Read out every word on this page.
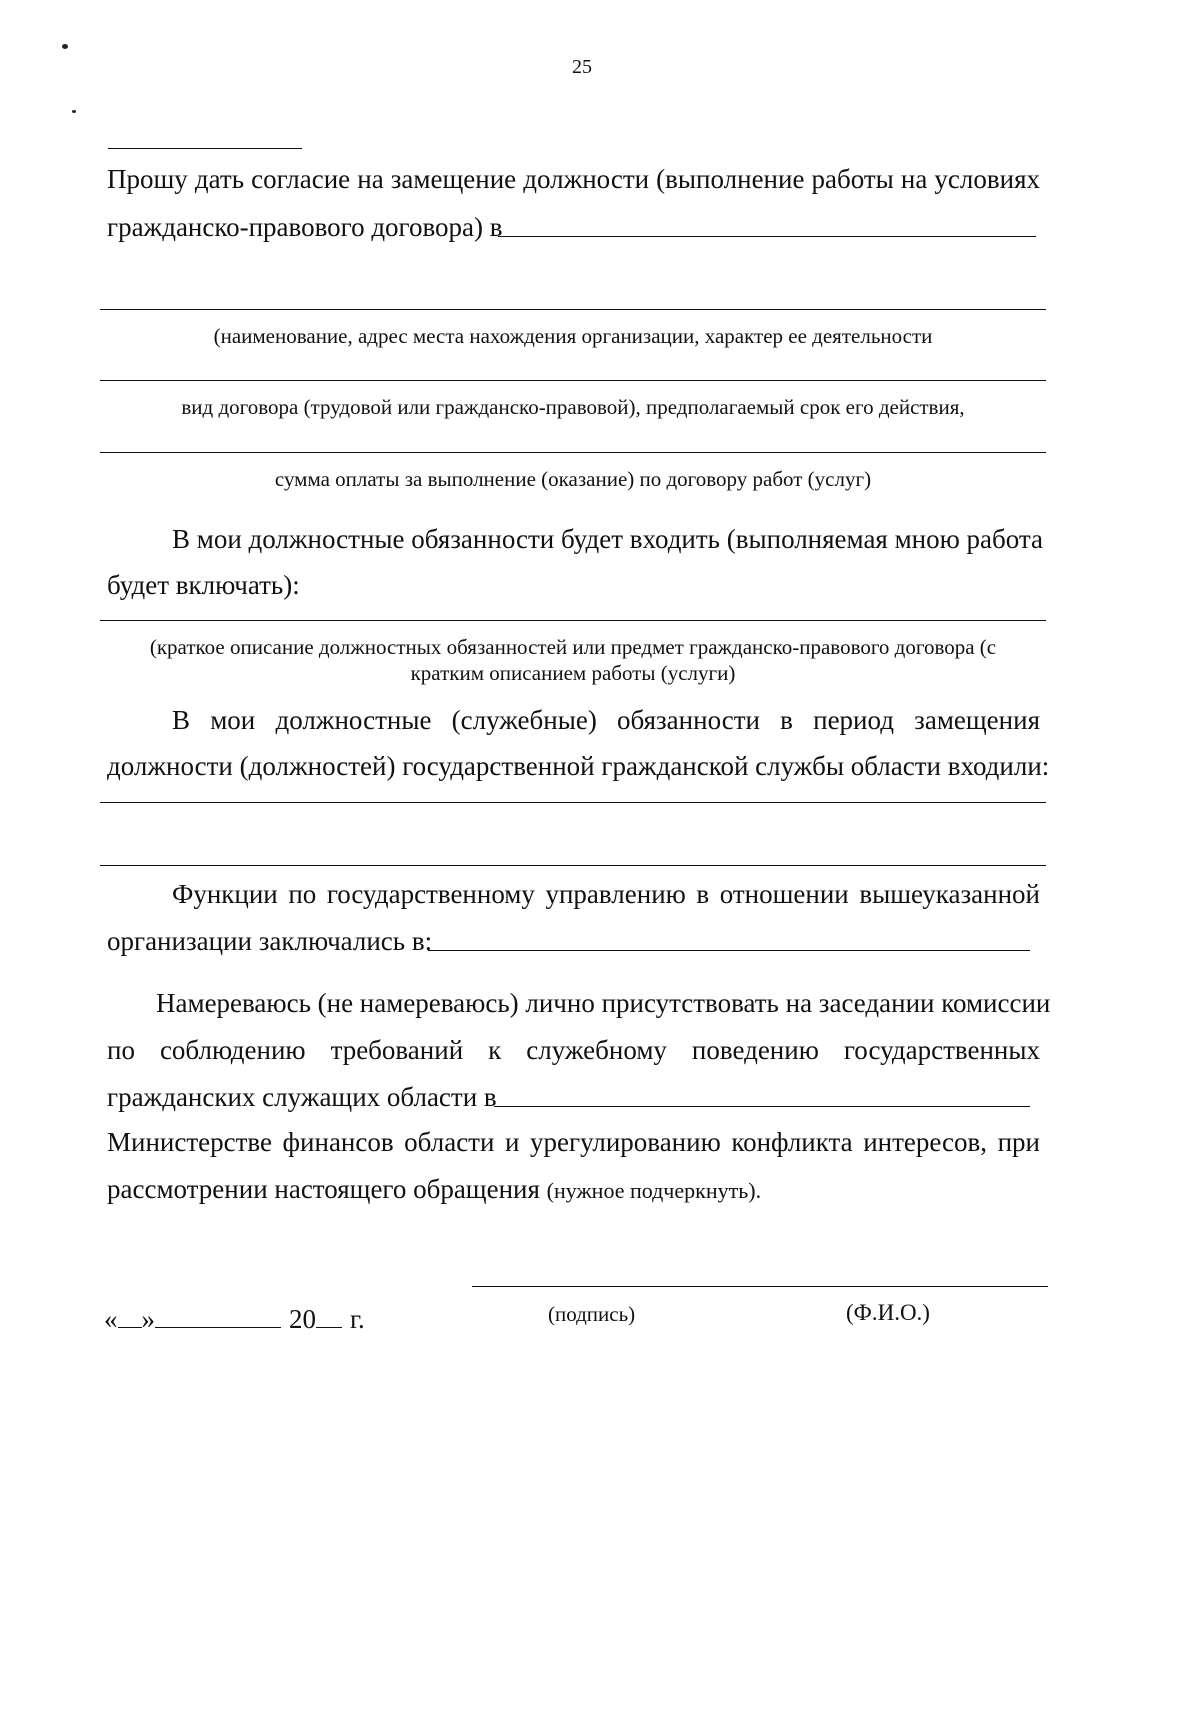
25
Прошу дать согласие на замещение должности (выполнение работы на условиях
гражданско-правового договора) в
(наименование, адрес места нахождения организации, характер ее деятельности
вид договора (трудовой или гражданско-правовой), предполагаемый срок его действия,
сумма оплаты за выполнение (оказание) по договору работ (услуг)
В мои должностные обязанности будет входить (выполняемая мною работа
будет включать):
(краткое описание должностных обязанностей или предмет гражданско-правового договора (с
кратким описанием работы (услуги)
В мои должностные (служебные) обязанности в период замещения
должности (должностей) государственной гражданской службы области входили:
Функции по государственному управлению в отношении вышеуказанной
организации заключались в:
Намереваюсь (не намереваюсь) лично присутствовать на заседании комиссии
по соблюдению требований к служебному поведению государственных
гражданских служащих области в
Министерстве финансов области и урегулированию конфликта интересов, при
рассмотрении настоящего обращения (нужное подчеркнуть).
« »	20 г.	(подпись)	(Ф.И.О.)
